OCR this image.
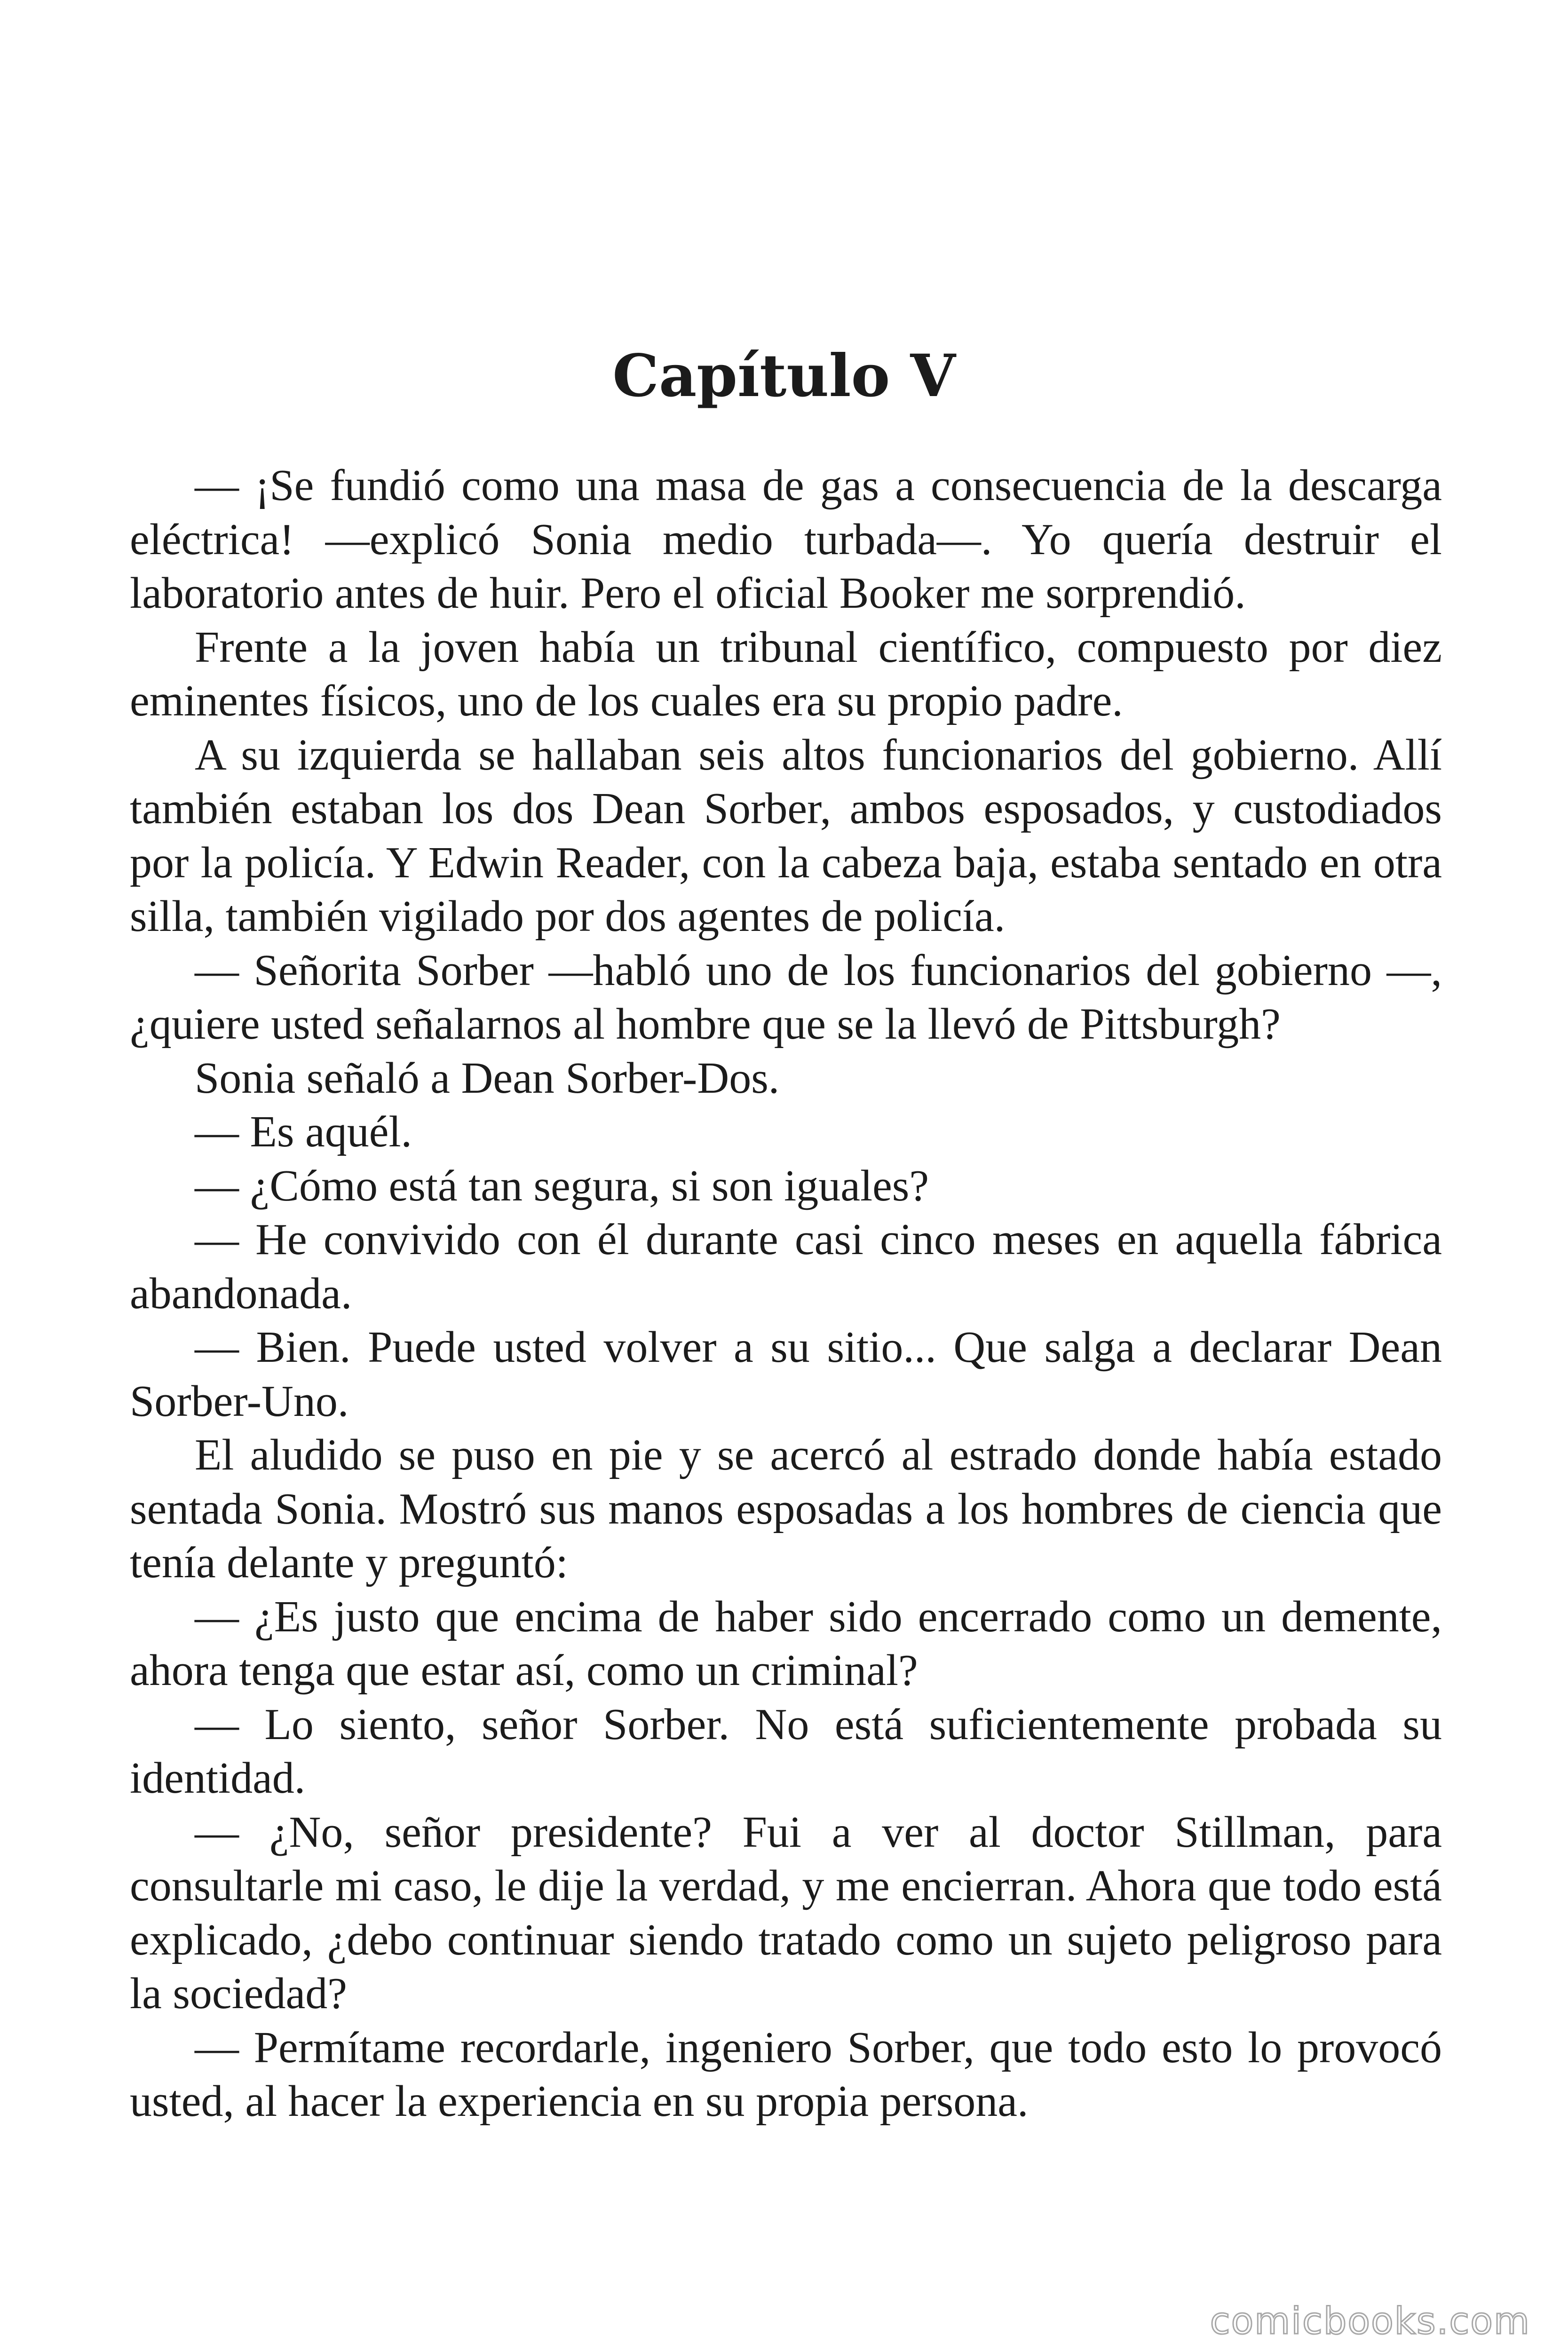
Capítulo V

— ¡Se fundió como una masa de gas a consecuencia de la descarga eléctrica! —explicó Sonia medio turbada—. Yo quería destruir el laboratorio antes de huir. Pero el oficial Booker me sorprendió.

Frente a la joven había un tribunal científico, compuesto por diez eminentes físicos, uno de los cuales era su propio padre.

A su izquierda se hallaban seis altos funcionarios del gobierno. Allí también estaban los dos Dean Sorber, ambos esposados, y custodiados por la policía. Y Edwin Reader, con la cabeza baja, estaba sentado en otra silla, también vigilado por dos agentes de policía.

— Señorita Sorber —habló uno de los funcionarios del gobierno —, ¿quiere usted señalarnos al hombre que se la llevó de Pittsburgh?

Sonia señaló a Dean Sorber-Dos.

— Es aquél.

— ¿Cómo está tan segura, si son iguales?

— He convivido con él durante casi cinco meses en aquella fábrica abandonada.

— Bien. Puede usted volver a su sitio... Que salga a declarar Dean Sorber-Uno.

El aludido se puso en pie y se acercó al estrado donde había estado sentada Sonia. Mostró sus manos esposadas a los hombres de ciencia que tenía delante y preguntó:

— ¿Es justo que encima de haber sido encerrado como un demente, ahora tenga que estar así, como un criminal?

— Lo siento, señor Sorber. No está suficientemente probada su identidad.

— ¿No, señor presidente? Fui a ver al doctor Stillman, para consultarle mi caso, le dije la verdad, y me encierran. Ahora que todo está explicado, ¿debo continuar siendo tratado como un sujeto peligroso para la sociedad?

— Permítame recordarle, ingeniero Sorber, que todo esto lo provocó usted, al hacer la experiencia en su propia persona.

comicbooks.com
